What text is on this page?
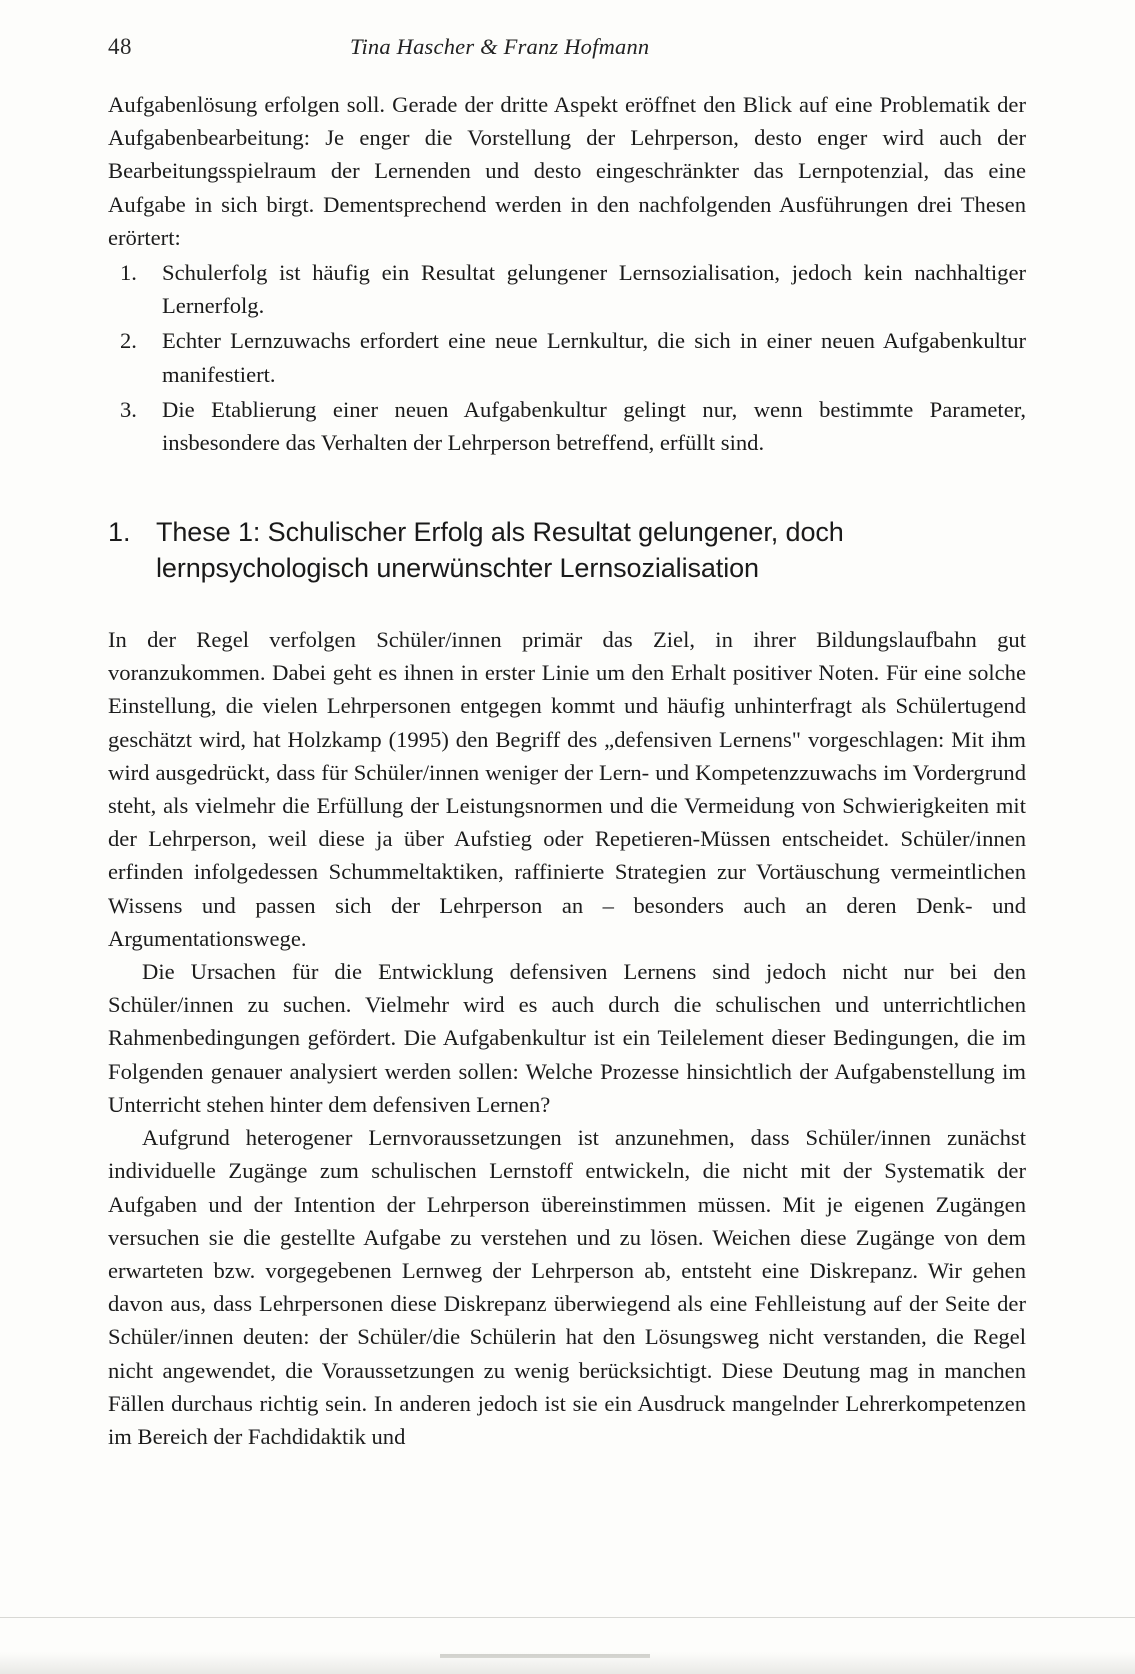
48	Tina Hascher & Franz Hofmann

Aufgabenlösung erfolgen soll. Gerade der dritte Aspekt eröffnet den Blick auf eine Problematik der Aufgabenbearbeitung: Je enger die Vorstellung der Lehrperson, desto enger wird auch der Bearbeitungsspielraum der Lernenden und desto eingeschränkter das Lernpotenzial, das eine Aufgabe in sich birgt. Dementsprechend werden in den nachfolgenden Ausführungen drei Thesen erörtert:

1.	Schulerfolg ist häufig ein Resultat gelungener Lernsozialisation, jedoch kein nachhaltiger Lernerfolg.
2.	Echter Lernzuwachs erfordert eine neue Lernkultur, die sich in einer neuen Aufgabenkultur manifestiert.
3.	Die Etablierung einer neuen Aufgabenkultur gelingt nur, wenn bestimmte Parameter, insbesondere das Verhalten der Lehrperson betreffend, erfüllt sind.
1. These 1: Schulischer Erfolg als Resultat gelungener, doch lernpsychologisch unerwünschter Lernsozialisation

In der Regel verfolgen Schüler/innen primär das Ziel, in ihrer Bildungslaufbahn gut voranzukommen. Dabei geht es ihnen in erster Linie um den Erhalt positiver Noten. Für eine solche Einstellung, die vielen Lehrpersonen entgegen kommt und häufig unhinterfragt als Schülertugend geschätzt wird, hat Holzkamp (1995) den Begriff des „defensiven Lernens" vorgeschlagen: Mit ihm wird ausgedrückt, dass für Schüler/innen weniger der Lern- und Kompetenzzuwachs im Vordergrund steht, als vielmehr die Erfüllung der Leistungsnormen und die Vermeidung von Schwierigkeiten mit der Lehrperson, weil diese ja über Aufstieg oder Repetieren-Müssen entscheidet. Schüler/innen erfinden infolgedessen Schummeltaktiken, raffinierte Strategien zur Vortäuschung vermeintlichen Wissens und passen sich der Lehrperson an – besonders auch an deren Denk- und Argumentationswege.

Die Ursachen für die Entwicklung defensiven Lernens sind jedoch nicht nur bei den Schüler/innen zu suchen. Vielmehr wird es auch durch die schulischen und unterrichtlichen Rahmenbedingungen gefördert. Die Aufgabenkultur ist ein Teilelement dieser Bedingungen, die im Folgenden genauer analysiert werden sollen: Welche Prozesse hinsichtlich der Aufgabenstellung im Unterricht stehen hinter dem defensiven Lernen?

Aufgrund heterogener Lernvoraussetzungen ist anzunehmen, dass Schüler/innen zunächst individuelle Zugänge zum schulischen Lernstoff entwickeln, die nicht mit der Systematik der Aufgaben und der Intention der Lehrperson übereinstimmen müssen. Mit je eigenen Zugängen versuchen sie die gestellte Aufgabe zu verstehen und zu lösen. Weichen diese Zugänge von dem erwarteten bzw. vorgegebenen Lernweg der Lehrperson ab, entsteht eine Diskrepanz. Wir gehen davon aus, dass Lehrpersonen diese Diskrepanz überwiegend als eine Fehlleistung auf der Seite der Schüler/innen deuten: der Schüler/die Schülerin hat den Lösungsweg nicht verstanden, die Regel nicht angewendet, die Voraussetzungen zu wenig berücksichtigt. Diese Deutung mag in manchen Fällen durchaus richtig sein. In anderen jedoch ist sie ein Ausdruck mangelnder Lehrerkompetenzen im Bereich der Fachdidaktik und
